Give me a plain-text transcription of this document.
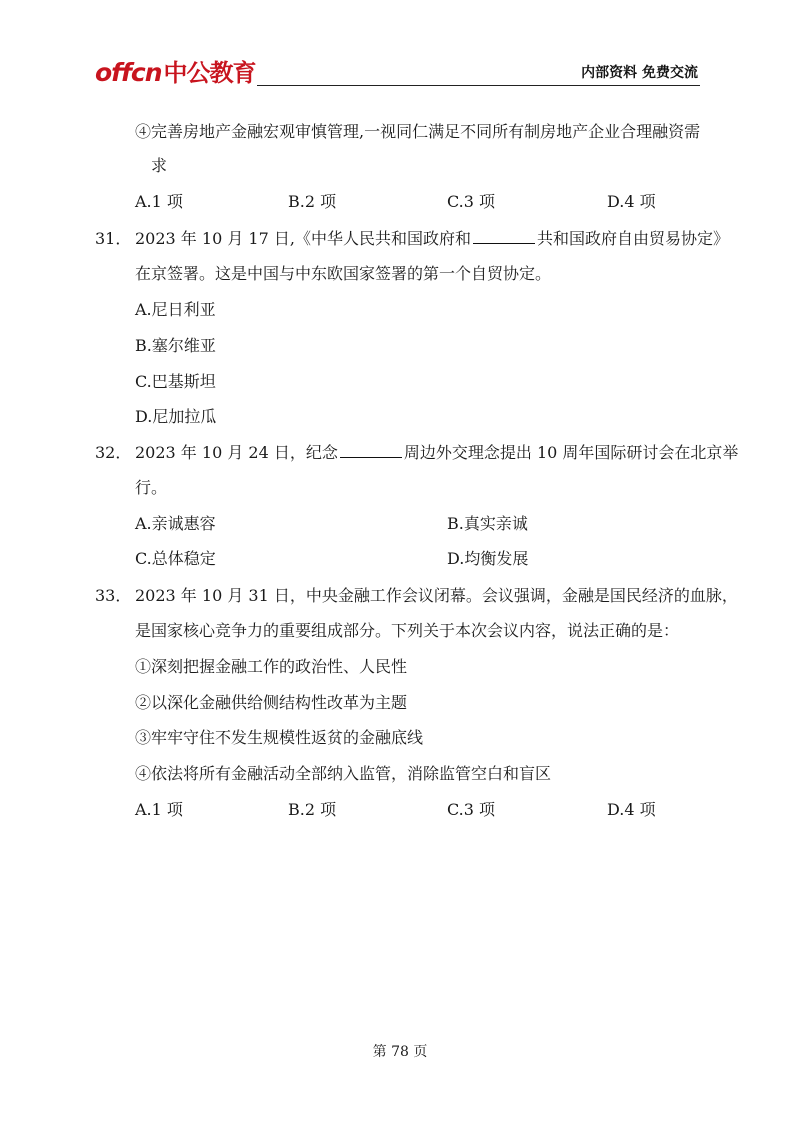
offcn中公教育	内部资料 免费交流
④完善房地产金融宏观审慎管理,一视同仁满足不同所有制房地产企业合理融资需
求
A.1 项	B.2 项	C.3 项	D.4 项
31． 2023 年 10 月 17 日,《中华人民共和国政府和	共和国政府自由贸易协定》
在京签署。这是中国与中东欧国家签署的第一个自贸协定。
A.尼日利亚
B.塞尔维亚
C.巴基斯坦
D.尼加拉瓜
32． 2023 年 10 月 24 日，纪念	周边外交理念提出 10 周年国际研讨会在北京举
行。
A.亲诚惠容	B.真实亲诚
C.总体稳定	D.均衡发展
33． 2023 年 10 月 31 日，中央金融工作会议闭幕。会议强调，金融是国民经济的血脉，
是国家核心竞争力的重要组成部分。下列关于本次会议内容，说法正确的是：
①深刻把握金融工作的政治性、人民性
②以深化金融供给侧结构性改革为主题
③牢牢守住不发生规模性返贫的金融底线
④依法将所有金融活动全部纳入监管，消除监管空白和盲区
A.1 项	B.2 项	C.3 项	D.4 项
第 78 页
